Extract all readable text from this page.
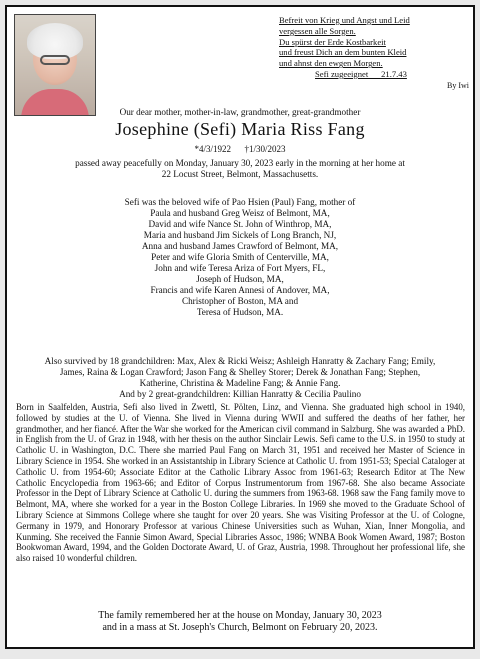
Befreit von Krieg und Angst und Leid
vergessen alle Sorgen.
Du spürst der Erde Kostbarkeit
und freust Dich an dem bunten Kleid
und ahnst den ewgen Morgen.
Sefi zugeeignet      21.7.43
By Iwi
Our dear mother, mother-in-law, grandmother, great-grandmother
Josephine (Sefi) Maria Riss Fang
*4/3/1922      †1/30/2023
passed away peacefully on Monday, January 30, 2023 early in the morning at her home at
22 Locust Street, Belmont, Massachusetts.
Sefi was the beloved wife of Pao Hsien (Paul) Fang, mother of
Paula and husband Greg Weisz of Belmont, MA,
David and wife Nance St. John of Winthrop, MA,
Maria and husband Jim Sickels of Long Branch, NJ,
Anna and husband James Crawford of Belmont, MA,
Peter and wife Gloria Smith of Centerville, MA,
John and wife Teresa Ariza of Fort Myers, FL,
Joseph of Hudson, MA,
Francis and wife Karen Annesi of Andover, MA,
Christopher of Boston, MA and
Teresa of Hudson, MA.
Also survived by 18 grandchildren: Max, Alex & Ricki Weisz; Ashleigh Hanratty & Zachary Fang; Emily,
James, Raina & Logan Crawford; Jason Fang & Shelley Storer; Derek & Jonathan Fang; Stephen,
Katherine, Christina & Madeline Fang; & Annie Fang.
And by 2 great-grandchildren: Killian Hanratty & Cecilia Paulino
Born in Saalfelden, Austria, Sefi also lived in Zwettl, St. Pölten, Linz, and Vienna. She graduated high school in 1940, followed by studies at the U. of Vienna. She lived in Vienna during WWII and suffered the deaths of her father, her grandmother, and her fiancé. After the War she worked for the American civil command in Salzburg. She was awarded a PhD. in English from the U. of Graz in 1948, with her thesis on the author Sinclair Lewis. Sefi came to the U.S. in 1950 to study at Catholic U. in Washington, D.C. There she married Paul Fang on March 31, 1951 and received her Master of Science in Library Science in 1954. She worked in an Assistantship in Library Science at Catholic U. from 1951-53; Special Cataloger at Catholic U. from 1954-60; Associate Editor at the Catholic Library Assoc from 1961-63; Research Editor at The New Catholic Encyclopedia from 1963-66; and Editor of Corpus Instrumentorum from 1967-68. She also became Associate Professor in the Dept of Library Science at Catholic U. during the summers from 1963-68. 1968 saw the Fang family move to Belmont, MA, where she worked for a year in the Boston College Libraries. In 1969 she moved to the Graduate School of Library Science at Simmons College where she taught for over 20 years. She was Visiting Professor at the U. of Cologne, Germany in 1979, and Honorary Professor at various Chinese Universities such as Wuhan, Xian, Inner Mongolia, and Kunming. She received the Fannie Simon Award, Special Libraries Assoc, 1986; WNBA Book Women Award, 1987; Boston Bookwoman Award, 1994, and the Golden Doctorate Award, U. of Graz, Austria, 1998. Throughout her professional life, she also raised 10 wonderful children.
The family remembered her at the house on Monday, January 30, 2023
and in a mass at St. Joseph's Church, Belmont on February 20, 2023.
